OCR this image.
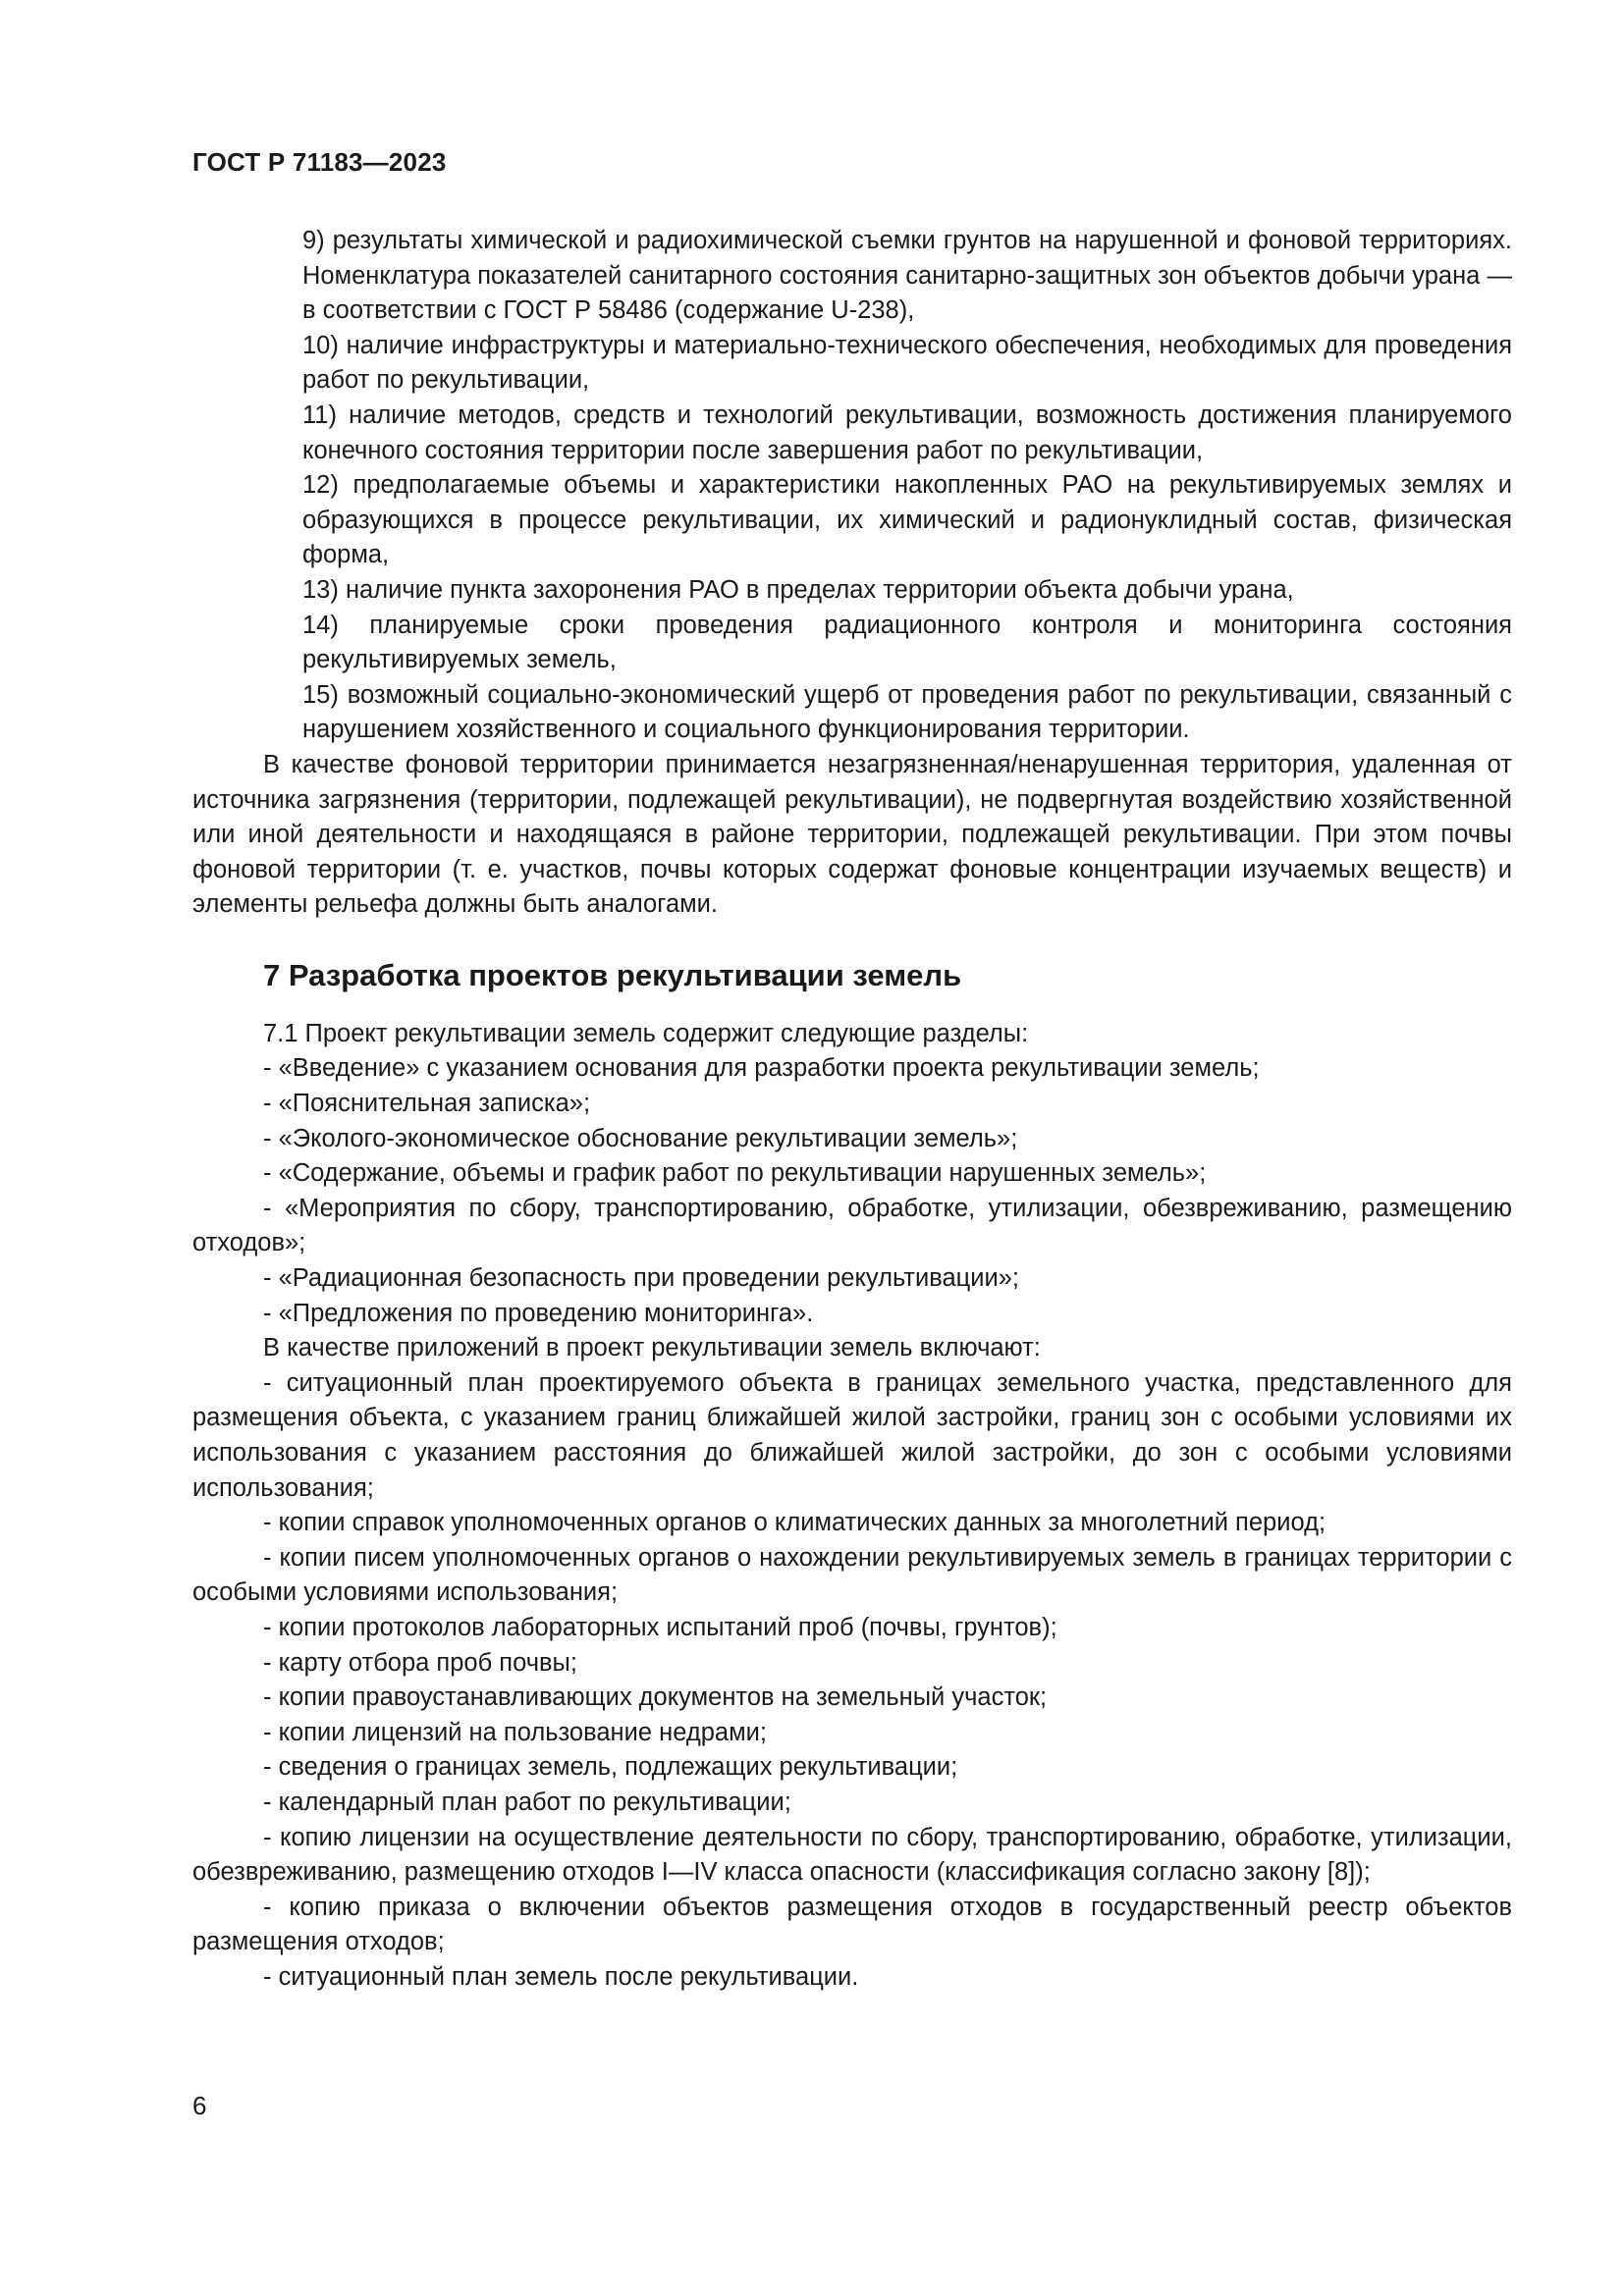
ГОСТ Р 71183—2023

9) результаты химической и радиохимической съемки грунтов на нарушенной и фоновой территориях. Номенклатура показателей санитарного состояния санитарно-защитных зон объектов добычи урана — в соответствии с ГОСТ Р 58486 (содержание U-238),

10) наличие инфраструктуры и материально-технического обеспечения, необходимых для проведения работ по рекультивации,

11) наличие методов, средств и технологий рекультивации, возможность достижения планируемого конечного состояния территории после завершения работ по рекультивации,

12) предполагаемые объемы и характеристики накопленных РАО на рекультивируемых землях и образующихся в процессе рекультивации, их химический и радионуклидный состав, физическая форма,

13) наличие пункта захоронения РАО в пределах территории объекта добычи урана,

14) планируемые сроки проведения радиационного контроля и мониторинга состояния рекультивируемых земель,

15) возможный социально-экономический ущерб от проведения работ по рекультивации, связанный с нарушением хозяйственного и социального функционирования территории.

В качестве фоновой территории принимается незагрязненная/ненарушенная территория, удаленная от источника загрязнения (территории, подлежащей рекультивации), не подвергнутая воздействию хозяйственной или иной деятельности и находящаяся в районе территории, подлежащей рекультивации. При этом почвы фоновой территории (т. е. участков, почвы которых содержат фоновые концентрации изучаемых веществ) и элементы рельефа должны быть аналогами.

7 Разработка проектов рекультивации земель

7.1 Проект рекультивации земель содержит следующие разделы:

- «Введение» с указанием основания для разработки проекта рекультивации земель;

- «Пояснительная записка»;

- «Эколого-экономическое обоснование рекультивации земель»;

- «Содержание, объемы и график работ по рекультивации нарушенных земель»;

- «Мероприятия по сбору, транспортированию, обработке, утилизации, обезвреживанию, размещению отходов»;

- «Радиационная безопасность при проведении рекультивации»;

- «Предложения по проведению мониторинга».

В качестве приложений в проект рекультивации земель включают:

- ситуационный план проектируемого объекта в границах земельного участка, представленного для размещения объекта, с указанием границ ближайшей жилой застройки, границ зон с особыми условиями их использования с указанием расстояния до ближайшей жилой застройки, до зон с особыми условиями использования;

- копии справок уполномоченных органов о климатических данных за многолетний период;

- копии писем уполномоченных органов о нахождении рекультивируемых земель в границах территории с особыми условиями использования;

- копии протоколов лабораторных испытаний проб (почвы, грунтов);

- карту отбора проб почвы;

- копии правоустанавливающих документов на земельный участок;

- копии лицензий на пользование недрами;

- сведения о границах земель, подлежащих рекультивации;

- календарный план работ по рекультивации;

- копию лицензии на осуществление деятельности по сбору, транспортированию, обработке, утилизации, обезвреживанию, размещению отходов I—IV класса опасности (классификация согласно закону [8]);

- копию приказа о включении объектов размещения отходов в государственный реестр объектов размещения отходов;

- ситуационный план земель после рекультивации.

6
